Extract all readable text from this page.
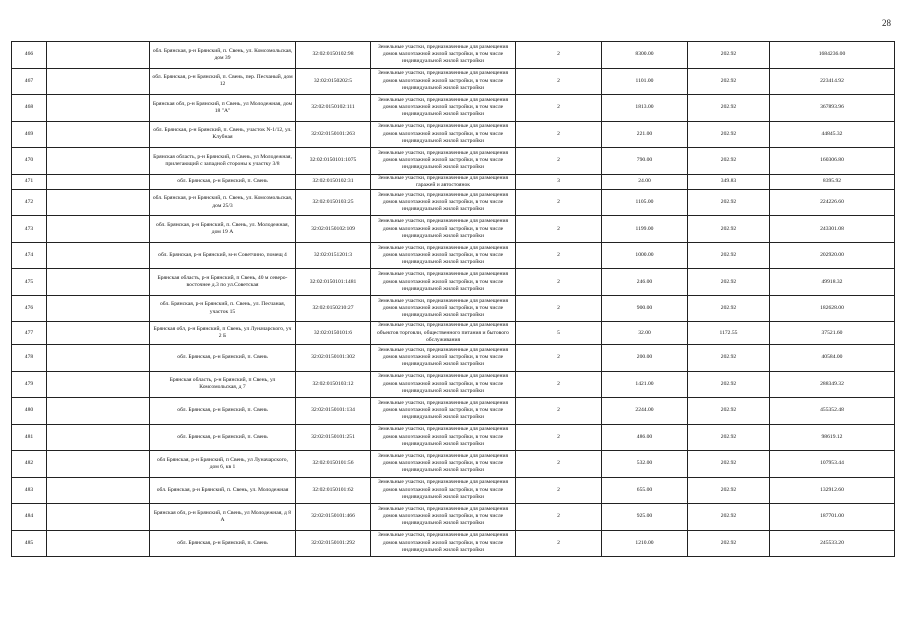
28
466		обл. Брянская, р-н Брянский, п. Свень, ул. Комсомольская, дом 39	32:02:0150102:98	Земельные участки, предназначенные для размещения домов малоэтажной жилой застройки, в том числе индивидуальной жилой застройки	2	8300.00	202.92	1684236.00
467		обл. Брянская, р-н Брянский, п. Свень, пер. Песчаный, дом 12	32:02:0150202:5	Земельные участки, предназначенные для размещения домов малоэтажной жилой застройки, в том числе индивидуальной жилой застройки	2	1101.00	202.92	223414.92
468		Брянская обл, р-н Брянский, п Свень, ул Молодежная, дом 18 "А"	32:02:0150102:111	Земельные участки, предназначенные для размещения домов малоэтажной жилой застройки, в том числе индивидуальной жилой застройки	2	1813.00	202.92	367893.96
469		обл. Брянская, р-н Брянский, п. Свень, участок N-1/12, ул. Клубная	32:02:0150101:263	Земельные участки, предназначенные для размещения домов малоэтажной жилой застройки, в том числе индивидуальной жилой застройки	2	221.00	202.92	44845.32
470		Брянская область, р-н Брянский, п Свень, ул Молодежная, прилегающий с западной стороны к участку 3/8	32:02:0150101:1075	Земельные участки, предназначенные для размещения домов малоэтажной жилой застройки, в том числе индивидуальной жилой застройки	2	790.00	202.92	160306.80
471		обл. Брянская, р-н Брянский, п. Свень	32:02:0150102:31	Земельные участки, предназначенные для размещения гаражей и автостоянок	3	24.00	349.83	8395.92
472		обл. Брянская, р-н Брянский, п. Свень, ул. Комсомольская, дом 25/3	32:02:0150103:25	Земельные участки, предназначенные для размещения домов малоэтажной жилой застройки, в том числе индивидуальной жилой застройки	2	1105.00	202.92	224226.60
473		обл. Брянская, р-н Брянский, п. Свень, ул. Молодежная, дом 19 А	32:02:0150102:109	Земельные участки, предназначенные для размещения домов малоэтажной жилой застройки, в том числе индивидуальной жилой застройки	2	1199.00	202.92	243301.08
474		обл. Брянская, р-н Брянский, м-н Советчино, помещ 4	32:02:0151201:3	Земельные участки, предназначенные для размещения домов малоэтажной жилой застройки, в том числе индивидуальной жилой застройки	2	1000.00	202.92	202920.00
475		Брянская область, р-н Брянский, п Свень, 40 м северо-восточнее д.3 по ул.Советская	32:02:0150101:1481	Земельные участки, предназначенные для размещения домов малоэтажной жилой застройки, в том числе индивидуальной жилой застройки	2	246.00	202.92	49918.32
476		обл. Брянская, р-н Брянский, п. Свень, ул. Песчаная, участок 15	32:02:0150210:27	Земельные участки, предназначенные для размещения домов малоэтажной жилой застройки, в том числе индивидуальной жилой застройки	2	900.00	202.92	182628.00
477		Брянская обл, р-н Брянский, п Свень, ул Луначарского, уч 2 Б	32:02:0150101:6	Земельные участки, предназначенные для размещения объектов торговли, общественного питания и бытового обслуживания	5	32.00	1172.55	37521.60
478		обл. Брянская, р-н Брянский, п. Свень	32:02:0150101:302	Земельные участки, предназначенные для размещения домов малоэтажной жилой застройки, в том числе индивидуальной жилой застройки	2	200.00	202.92	40584.00
479		Брянская область, р-н Брянский, п Свень, ул Комсомольская, д 7	32:02:0150103:12	Земельные участки, предназначенные для размещения домов малоэтажной жилой застройки, в том числе индивидуальной жилой застройки	2	1421.00	202.92	288349.32
480		обл. Брянская, р-н Брянский, п. Свень	32:02:0150101:134	Земельные участки, предназначенные для размещения домов малоэтажной жилой застройки, в том числе индивидуальной жилой застройки	2	2244.00	202.92	455352.48
481		обл. Брянская, р-н Брянский, п. Свень	32:02:0150101:251	Земельные участки, предназначенные для размещения домов малоэтажной жилой застройки, в том числе индивидуальной жилой застройки	2	486.00	202.92	98619.12
482		обл Брянская, р-н Брянский, п Свень, ул Луначарского, дом 6, кв 1	32:02:0150101:56	Земельные участки, предназначенные для размещения домов малоэтажной жилой застройки, в том числе индивидуальной жилой застройки	2	532.00	202.92	107953.44
483		обл. Брянская, р-н Брянский, п. Свень, ул. Молодежная	32:02:0150101:62	Земельные участки, предназначенные для размещения домов малоэтажной жилой застройки, в том числе индивидуальной жилой застройки	2	655.00	202.92	132912.60
484		Брянская обл, р-н Брянский, п Свень, ул Молодежная, д 8 А	32:02:0150101:466	Земельные участки, предназначенные для размещения домов малоэтажной жилой застройки, в том числе индивидуальной жилой застройки	2	925.00	202.92	187701.00
485		обл. Брянская, р-н Брянский, п. Свень	32:02:0150101:292	Земельные участки, предназначенные для размещения домов малоэтажной жилой застройки, в том числе индивидуальной жилой застройки	2	1210.00	202.92	245533.20
